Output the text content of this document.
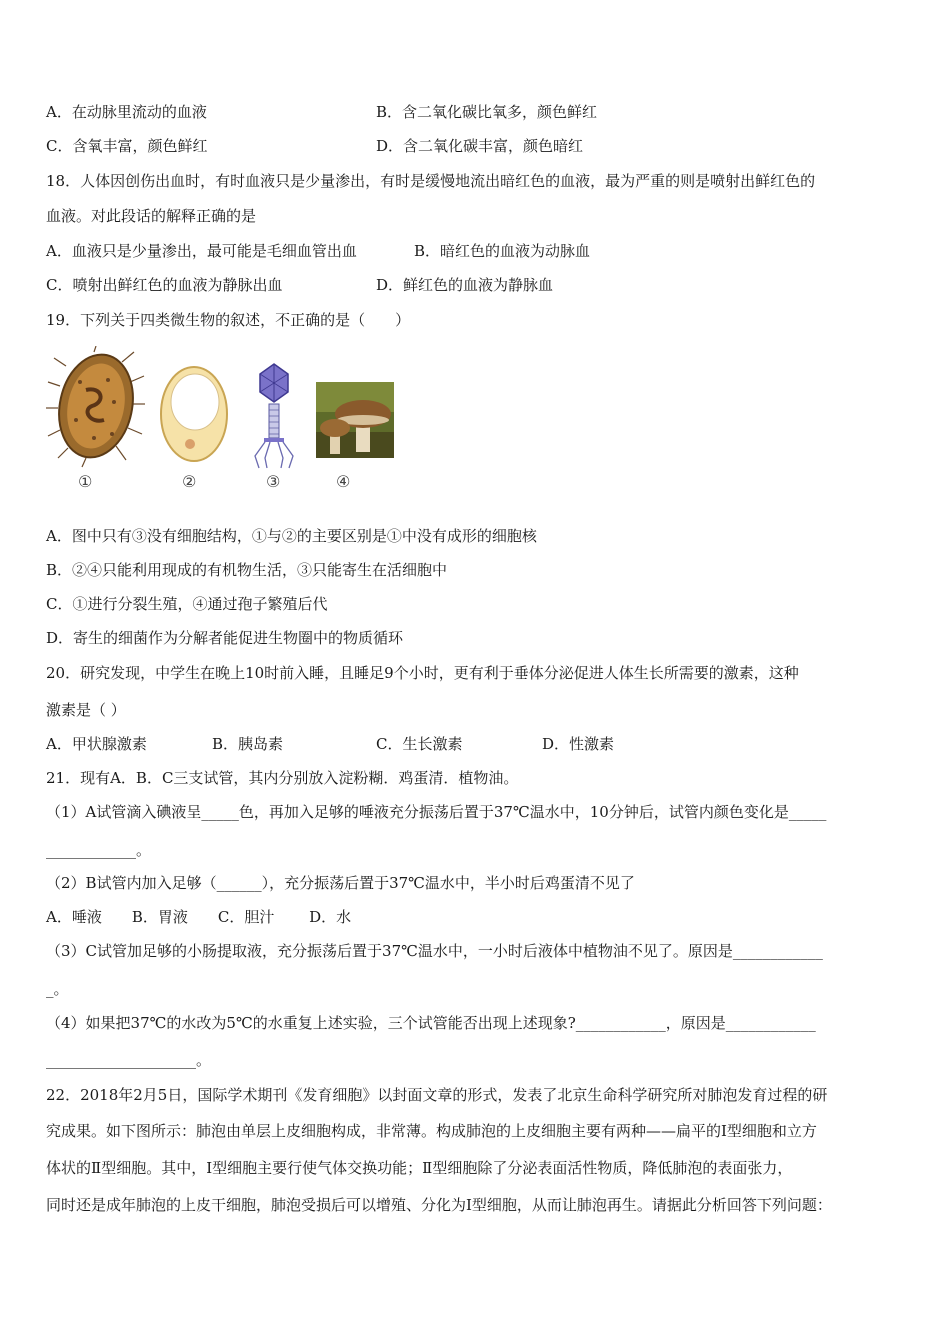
A．在动脉里流动的血液	B．含二氧化碳比氧多，颜色鲜红
C．含氧丰富，颜色鲜红	D．含二氧化碳丰富，颜色暗红
18．人体因创伤出血时，有时血液只是少量渗出，有时是缓慢地流出暗红色的血液，最为严重的则是喷射出鲜红色的
血液。对此段话的解释正确的是
A．血液只是少量渗出，最可能是毛细血管出血	B．暗红色的血液为动脉血
C．喷射出鲜红色的血液为静脉出血	D．鲜红色的血液为静脉血
19．下列关于四类微生物的叙述，不正确的是（　　）
①	②	③	④
A．图中只有③没有细胞结构，①与②的主要区别是①中没有成形的细胞核
B．②④只能利用现成的有机物生活，③只能寄生在活细胞中
C．①进行分裂生殖，④通过孢子繁殖后代
D．寄生的细菌作为分解者能促进生物圈中的物质循环
20．研究发现，中学生在晚上10时前入睡，且睡足9个小时，更有利于垂体分泌促进人体生长所需要的激素，这种
激素是（ ）
A．甲状腺激素	B．胰岛素	C．生长激素	D．性激素
21．现有A．B．C三支试管，其内分别放入淀粉糊．鸡蛋清．植物油。
（1）A试管滴入碘液呈_____色，再加入足够的唾液充分振荡后置于37℃温水中，10分钟后，试管内颜色变化是_____
____________。
（2）B试管内加入足够（______），充分振荡后置于37℃温水中，半小时后鸡蛋清不见了
A．唾液　　B．胃液　　C．胆汁　　 D．水
（3）C试管加足够的小肠提取液，充分振荡后置于37℃温水中，一小时后液体中植物油不见了。原因是____________
_。
（4）如果把37℃的水改为5℃的水重复上述实验，三个试管能否出现上述现象?____________，原因是____________
____________________。
22．2018年2月5日，国际学术期刊《发育细胞》以封面文章的形式，发表了北京生命科学研究所对肺泡发育过程的研
究成果。如下图所示：肺泡由单层上皮细胞构成，非常薄。构成肺泡的上皮细胞主要有两种——扁平的Ⅰ型细胞和立方
体状的Ⅱ型细胞。其中，Ⅰ型细胞主要行使气体交换功能；Ⅱ型细胞除了分泌表面活性物质，降低肺泡的表面张力，
同时还是成年肺泡的上皮干细胞，肺泡受损后可以增殖、分化为Ⅰ型细胞，从而让肺泡再生。请据此分析回答下列问题：
